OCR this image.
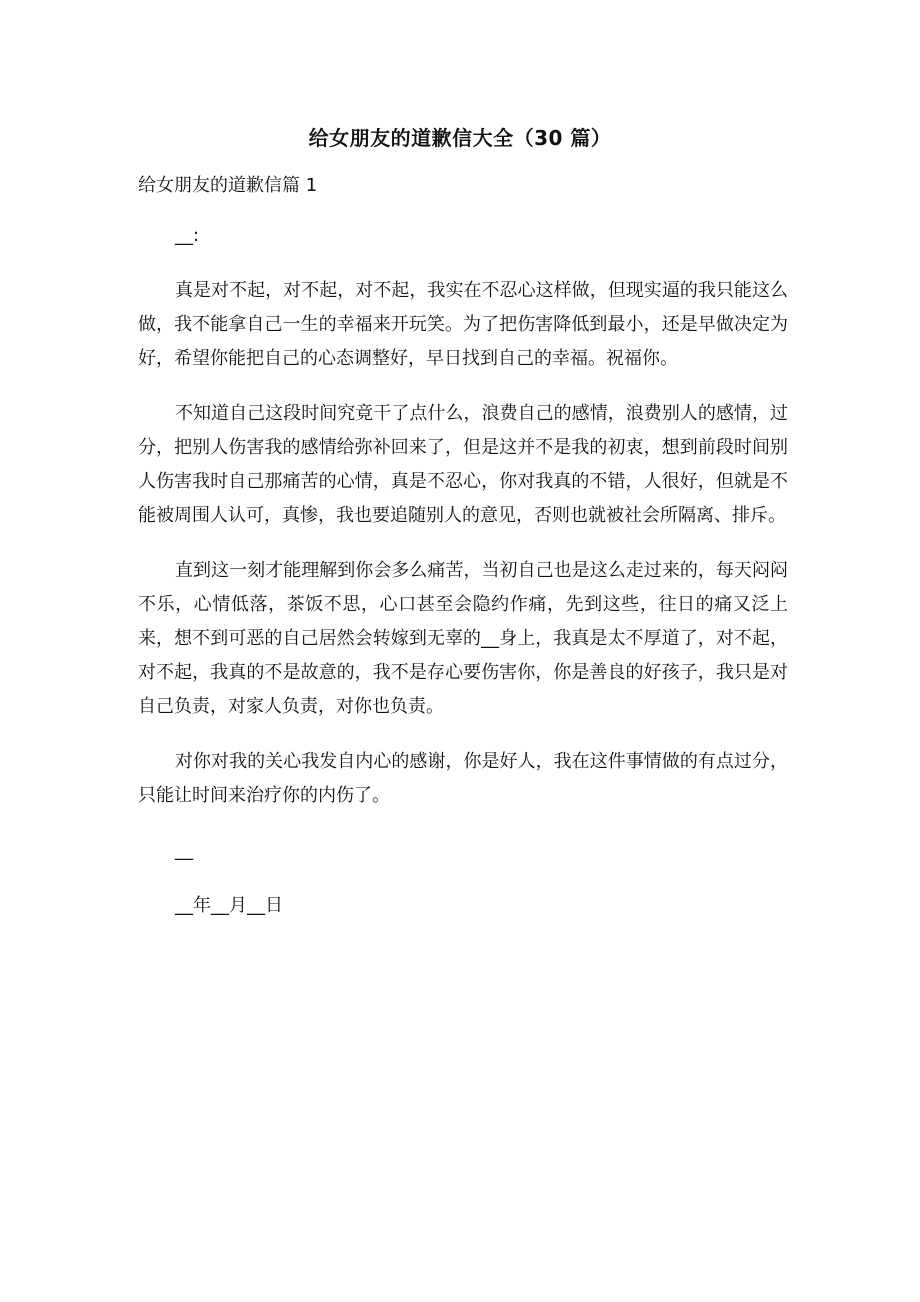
给女朋友的道歉信大全（30 篇）
给女朋友的道歉信篇 1
__:

真是对不起，对不起，对不起，我实在不忍心这样做，但现实逼的我只能这么做，我不能拿自己一生的幸福来开玩笑。为了把伤害降低到最小，还是早做决定为好，希望你能把自己的心态调整好，早日找到自己的幸福。祝福你。

不知道自己这段时间究竟干了点什么，浪费自己的感情，浪费别人的感情，过分，把别人伤害我的感情给弥补回来了，但是这并不是我的初衷，想到前段时间别人伤害我时自己那痛苦的心情，真是不忍心，你对我真的不错，人很好，但就是不能被周围人认可，真惨，我也要追随别人的意见，否则也就被社会所隔离、排斥。

直到这一刻才能理解到你会多么痛苦，当初自己也是这么走过来的，每天闷闷不乐，心情低落，茶饭不思，心口甚至会隐约作痛，先到这些，往日的痛又泛上来，想不到可恶的自己居然会转嫁到无辜的__身上，我真是太不厚道了，对不起，对不起，我真的不是故意的，我不是存心要伤害你，你是善良的好孩子，我只是对自己负责，对家人负责，对你也负责。

对你对我的关心我发自内心的感谢，你是好人，我在这件事情做的有点过分，只能让时间来治疗你的内伤了。

__
__年__月__日
